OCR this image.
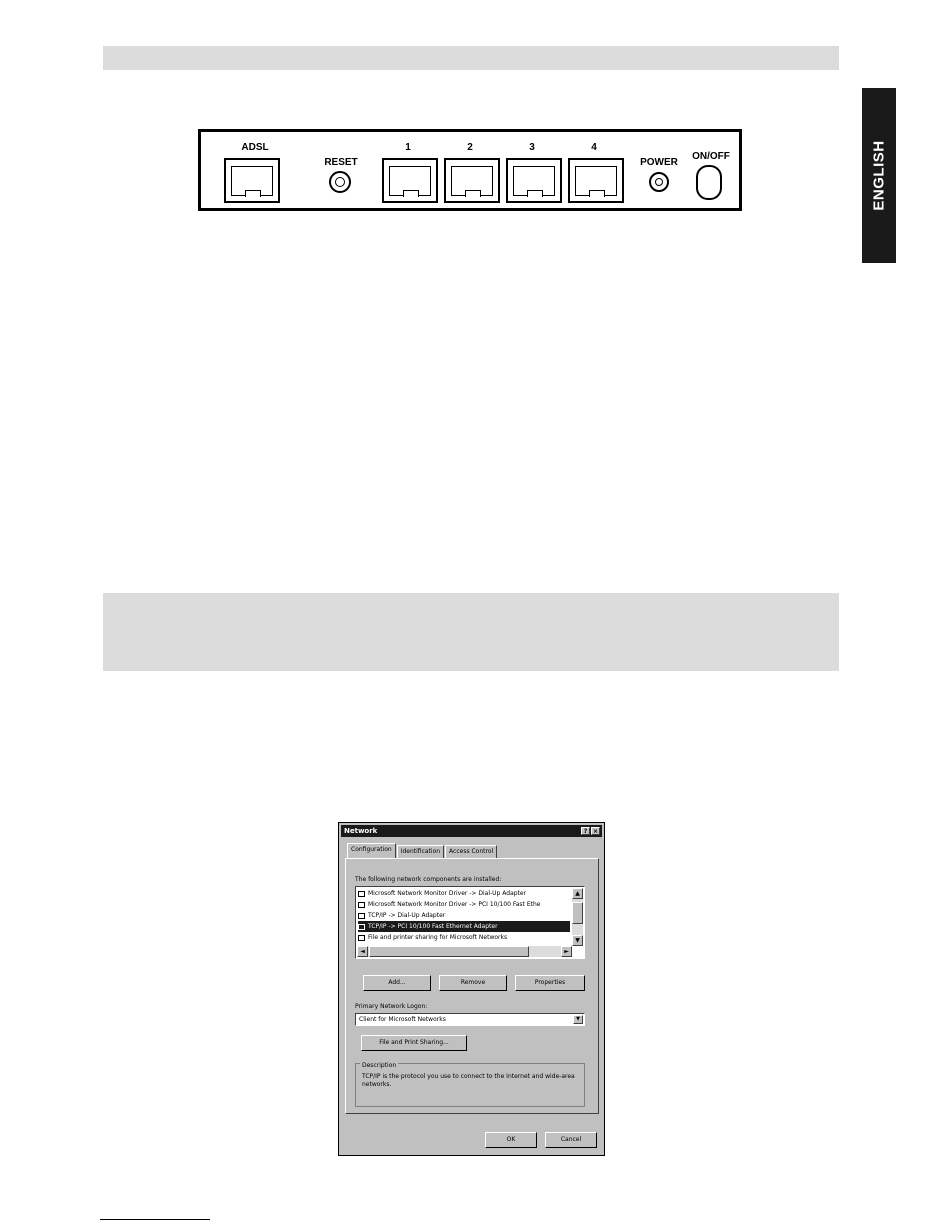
ENGLISH
ADSL
RESET
1	2	3	4
POWER
ON/OFF
Network	? ×
Configuration	Identification	Access Control
The following network components are installed:
Microsoft Network Monitor Driver -> Dial-Up Adapter
Microsoft Network Monitor Driver -> PCI 10/100 Fast Ethe
TCP/IP -> Dial-Up Adapter
TCP/IP -> PCI 10/100 Fast Ethernet Adapter
File and printer sharing for Microsoft Networks
▲
▼
◄	►
Add...	Remove	Properties
Primary Network Logon:
Client for Microsoft Networks	▼
File and Print Sharing...
Description
TCP/IP is the protocol you use to connect to the Internet and wide-area networks.
OK	Cancel
